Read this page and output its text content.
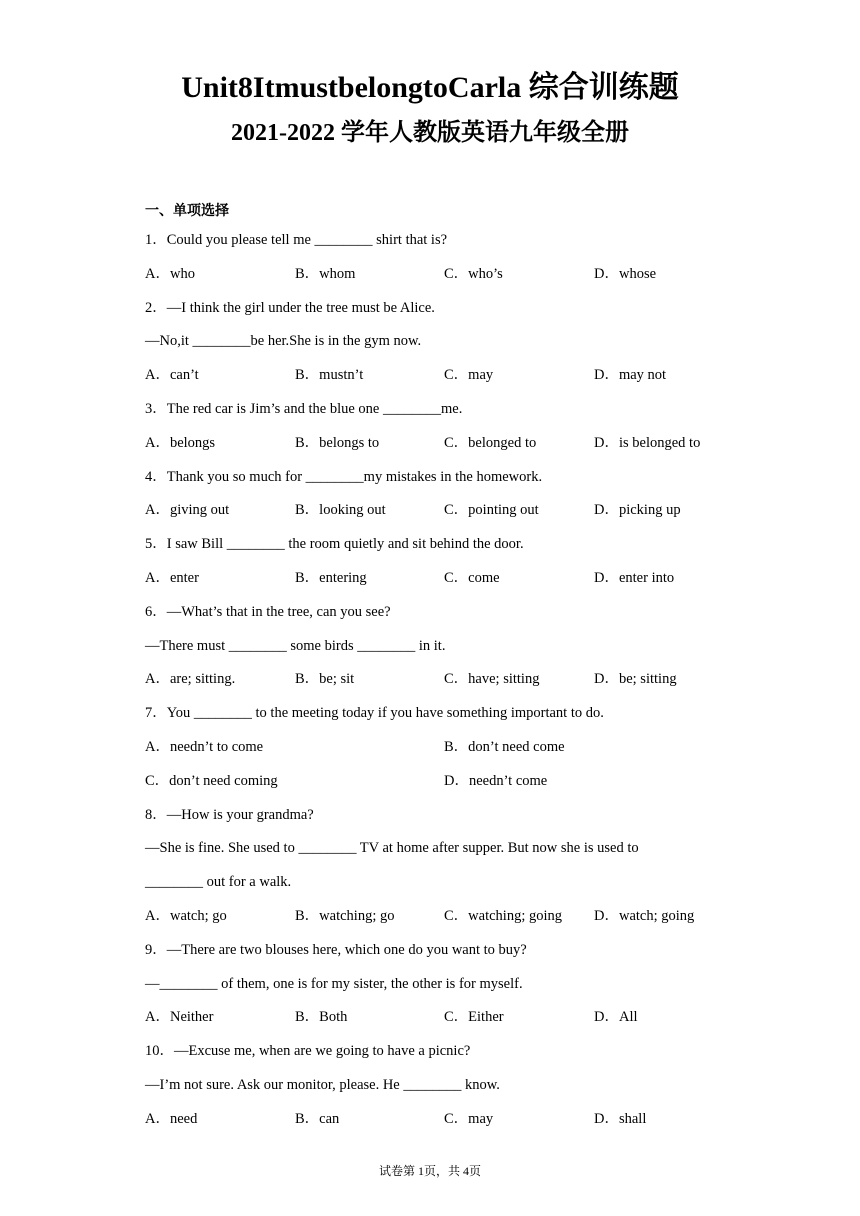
Unit8ItmustbelongtoCarla 综合训练题
2021-2022 学年人教版英语九年级全册
一、单项选择
1．Could you please tell me ________ shirt that is?
A．who	B．whom	C．who’s	D．whose
2．—I think the girl under the tree must be Alice.
—No,it ________be her.She is in the gym now.
A．can’t	B．mustn’t	C．may	D．may not
3．The red car is Jim’s and the blue one ________me.
A．belongs	B．belongs to	C．belonged to	D．is belonged to
4．Thank you so much for ________my mistakes in the homework.
A．giving out	B．looking out	C．pointing out	D．picking up
5．I saw Bill ________ the room quietly and sit behind the door.
A．enter	B．entering	C．come	D．enter into
6．—What’s that in the tree, can you see?
—There must ________ some birds ________ in it.
A．are; sitting.	B．be; sit	C．have; sitting	D．be; sitting
7．You ________ to the meeting today if you have something important to do.
A．needn’t to come	B．don’t need come
C．don’t need coming	D．needn’t come
8．—How is your grandma?
—She is fine. She used to ________ TV at home after supper. But now she is used to
________ out for a walk.
A．watch; go	B．watching; go	C．watching; going D．watch; going
9．—There are two blouses here, which one do you want to buy?
—________ of them, one is for my sister, the other is for myself.
A．Neither	B．Both	C．Either	D．All
10．—Excuse me, when are we going to have a picnic?
—I’m not sure. Ask our monitor, please. He ________ know.
A．need	B．can	C．may	D．shall
试卷第 1页，共 4页
